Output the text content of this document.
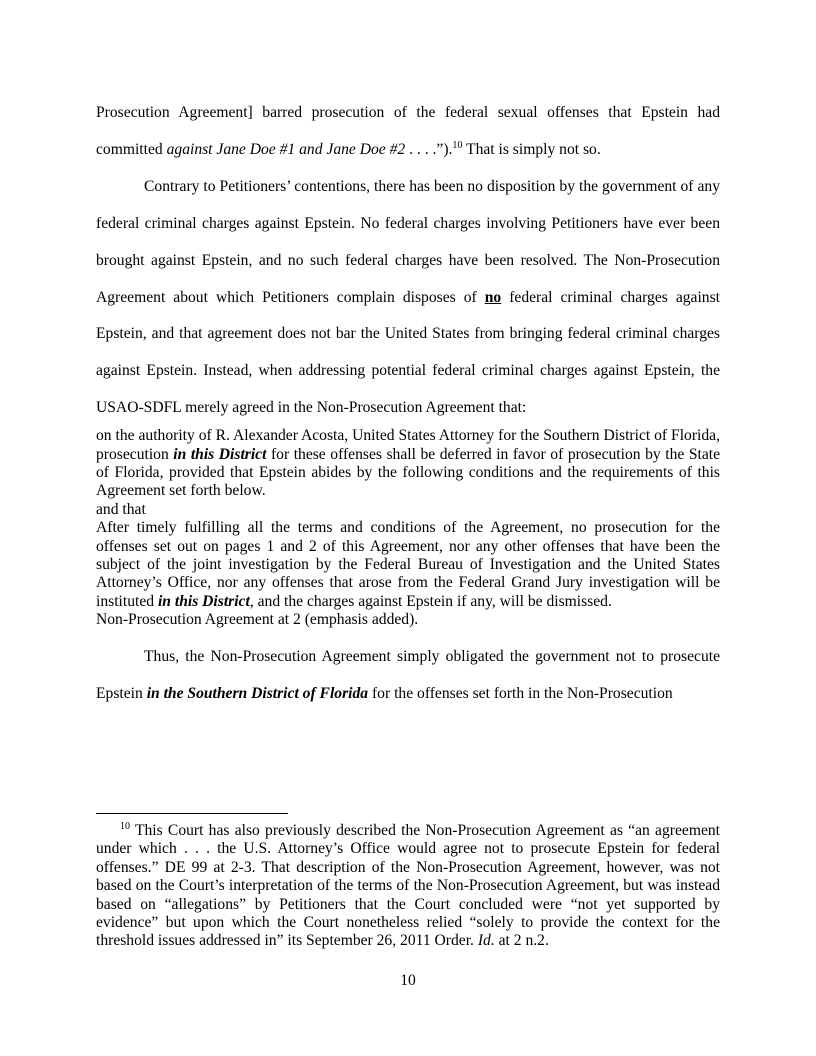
Prosecution Agreement] barred prosecution of the federal sexual offenses that Epstein had committed against Jane Doe #1 and Jane Doe #2 . . . .”).$^{10}$ That is simply not so.

Contrary to Petitioners’ contentions, there has been no disposition by the government of any federal criminal charges against Epstein. No federal charges involving Petitioners have ever been brought against Epstein, and no such federal charges have been resolved. The Non-Prosecution Agreement about which Petitioners complain disposes of no federal criminal charges against Epstein, and that agreement does not bar the United States from bringing federal criminal charges against Epstein. Instead, when addressing potential federal criminal charges against Epstein, the USAO-SDFL merely agreed in the Non-Prosecution Agreement that:

on the authority of R. Alexander Acosta, United States Attorney for the Southern District of Florida, prosecution in this District for these offenses shall be deferred in favor of prosecution by the State of Florida, provided that Epstein abides by the following conditions and the requirements of this Agreement set forth below.

and that

After timely fulfilling all the terms and conditions of the Agreement, no prosecution for the offenses set out on pages 1 and 2 of this Agreement, nor any other offenses that have been the subject of the joint investigation by the Federal Bureau of Investigation and the United States Attorney’s Office, nor any offenses that arose from the Federal Grand Jury investigation will be instituted in this District, and the charges against Epstein if any, will be dismissed.

Non-Prosecution Agreement at 2 (emphasis added).

Thus, the Non-Prosecution Agreement simply obligated the government not to prosecute Epstein in the Southern District of Florida for the offenses set forth in the Non-Prosecution

$^{10}$ This Court has also previously described the Non-Prosecution Agreement as “an agreement under which . . . the U.S. Attorney’s Office would agree not to prosecute Epstein for federal offenses.” DE 99 at 2-3. That description of the Non-Prosecution Agreement, however, was not based on the Court’s interpretation of the terms of the Non-Prosecution Agreement, but was instead based on “allegations” by Petitioners that the Court concluded were “not yet supported by evidence” but upon which the Court nonetheless relied “solely to provide the context for the threshold issues addressed in” its September 26, 2011 Order. Id. at 2 n.2.

10
